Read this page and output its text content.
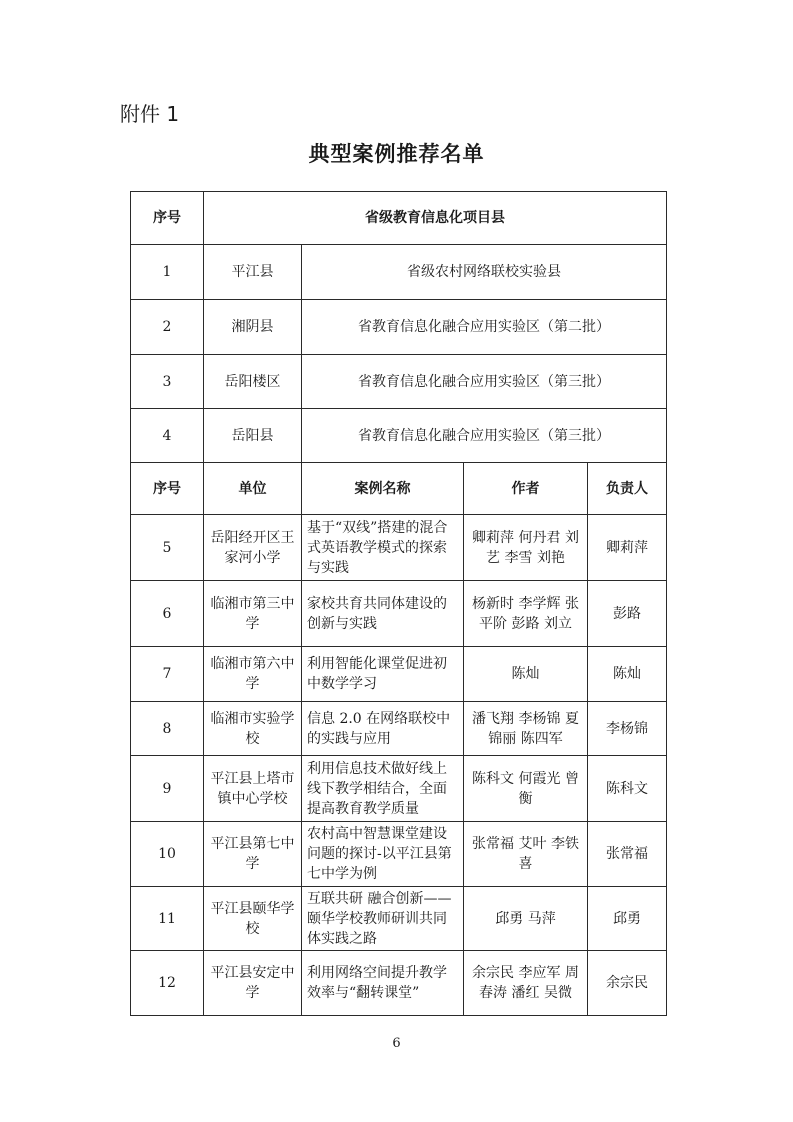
附件 1
典型案例推荐名单
序号	省级教育信息化项目县			
1	平江县	省级农村网络联校实验县		
2	湘阴县	省教育信息化融合应用实验区（第二批）		
3	岳阳楼区	省教育信息化融合应用实验区（第三批）		
4	岳阳县	省教育信息化融合应用实验区（第三批）		
序号	单位	案例名称	作者	负责人
5	岳阳经开区王家河小学	基于“双线”搭建的混合式英语教学模式的探索与实践	卿莉萍 何丹君 刘艺 李雪 刘艳	卿莉萍
6	临湘市第三中学	家校共育共同体建设的创新与实践	杨新时 李学辉 张平阶 彭路 刘立	彭路
7	临湘市第六中学	利用智能化课堂促进初中数学学习	陈灿	陈灿
8	临湘市实验学校	信息 2.0 在网络联校中的实践与应用	潘飞翔 李杨锦 夏锦丽 陈四军	李杨锦
9	平江县上塔市镇中心学校	利用信息技术做好线上线下教学相结合，全面提高教育教学质量	陈科文 何霞光 曾衡	陈科文
10	平江县第七中学	农村高中智慧课堂建设问题的探讨-以平江县第七中学为例	张常福 艾叶 李铁喜	张常福
11	平江县颐华学校	互联共研 融合创新——颐华学校教师研训共同体实践之路	邱勇 马萍	邱勇
12	平江县安定中学	利用网络空间提升教学效率与“翻转课堂”	余宗民 李应军 周春涛 潘红 吴微	余宗民
6
